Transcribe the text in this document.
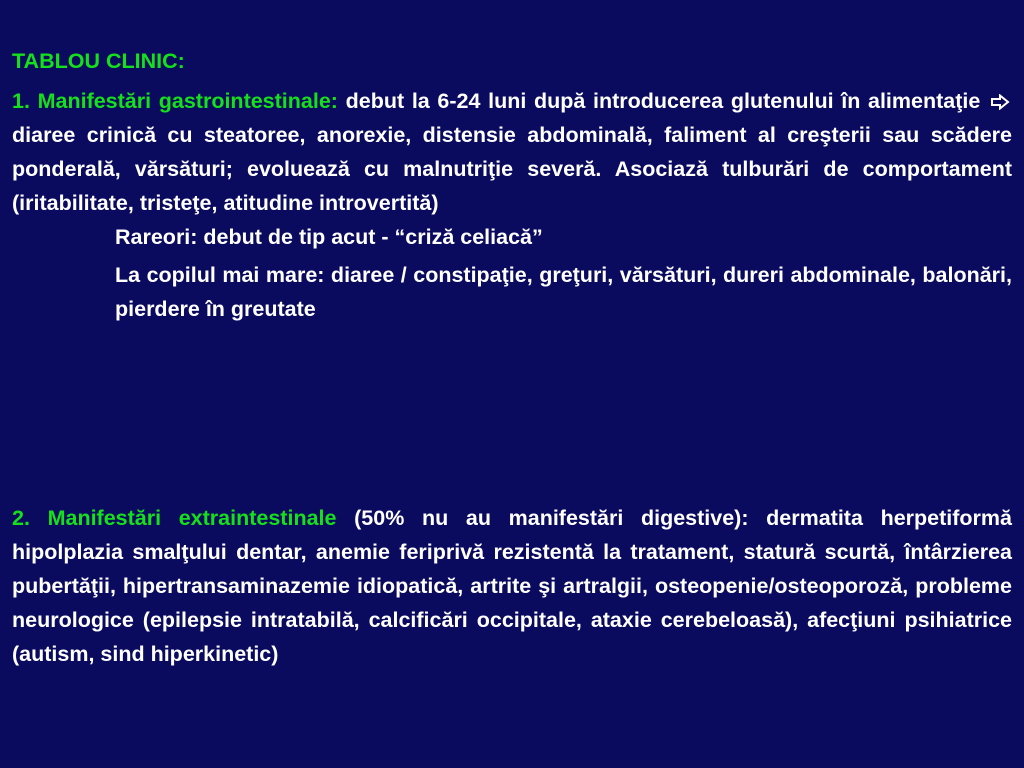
TABLOU CLINIC:

1. Manifestări gastrointestinale: debut la 6-24 luni după introducerea glutenului în alimentaţie  diaree crinică cu steatoree, anorexie, distensie abdominală, faliment al creşterii sau scădere ponderală, vărsături; evoluează cu malnutriţie severă. Asociază tulburări de comportament (iritabilitate, tristeţe, atitudine introvertită)

Rareori: debut de tip acut - “criză celiacă”

La copilul mai mare: diaree / constipaţie, greţuri, vărsături, dureri abdominale, balonări, pierdere în greutate

2. Manifestări extraintestinale (50% nu au manifestări digestive): dermatita herpetiformă hipolplazia smalţului dentar, anemie feriprivă rezistentă la tratament, statură scurtă, întârzierea pubertăţii, hipertransaminazemie idiopatică, artrite şi artralgii, osteopenie/osteoporoză, probleme neurologice (epilepsie intratabilă, calcificări occipitale, ataxie cerebeloasă), afecţiuni psihiatrice (autism, sind hiperkinetic)
